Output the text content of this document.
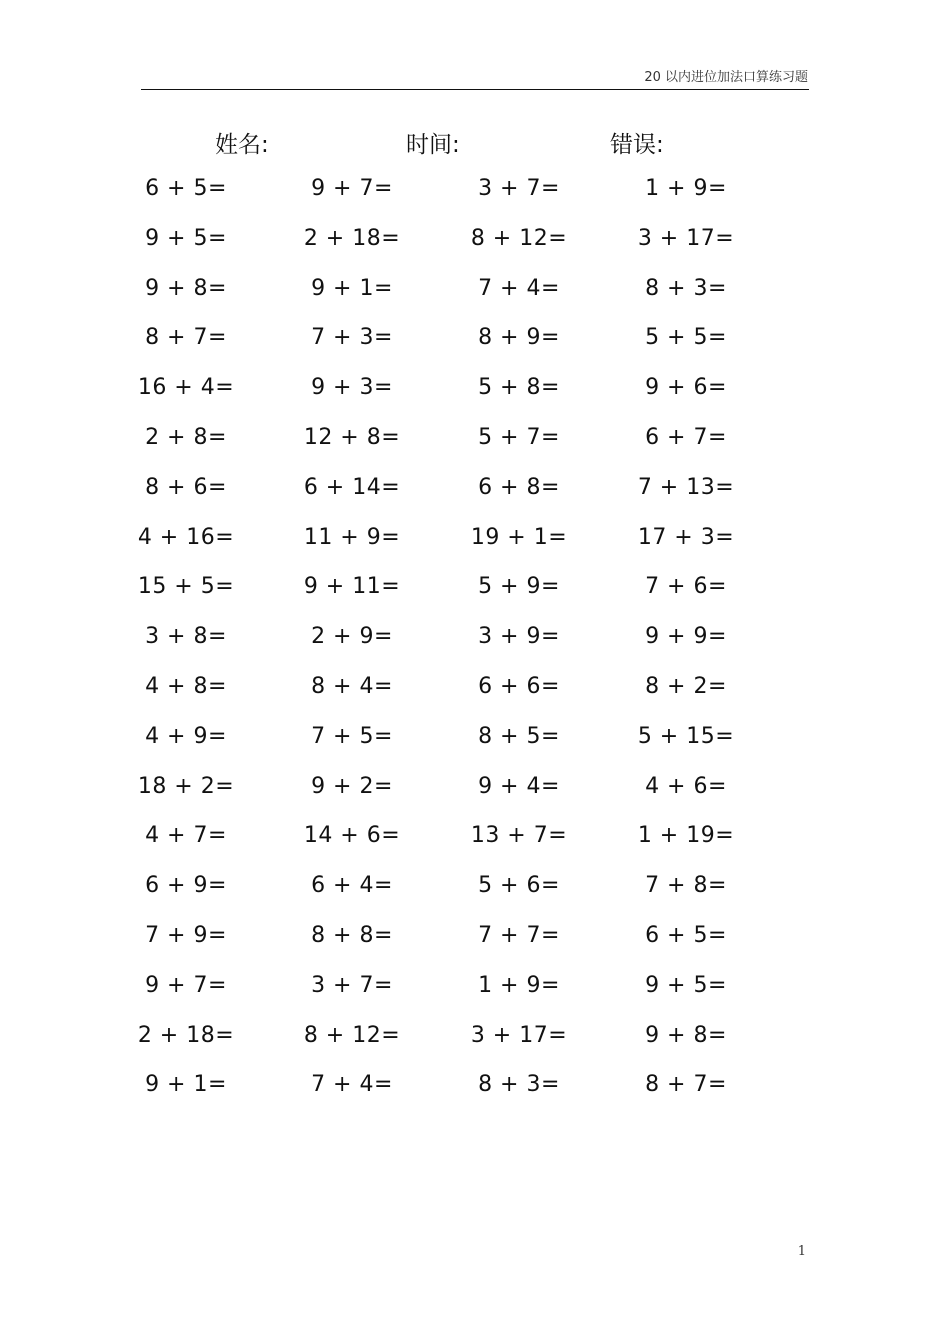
20 以内进位加法口算练习题
姓名:	时间:	错误:
6 + 5=	9 + 7=	3 + 7=	1 + 9=
9 + 5=	2 + 18=	8 + 12=	3 + 17=
9 + 8=	9 + 1=	7 + 4=	8 + 3=
8 + 7=	7 + 3=	8 + 9=	5 + 5=
16 + 4=	9 + 3=	5 + 8=	9 + 6=
2 + 8=	12 + 8=	5 + 7=	6 + 7=
8 + 6=	6 + 14=	6 + 8=	7 + 13=
4 + 16=	11 + 9=	19 + 1=	17 + 3=
15 + 5=	9 + 11=	5 + 9=	7 + 6=
3 + 8=	2 + 9=	3 + 9=	9 + 9=
4 + 8=	8 + 4=	6 + 6=	8 + 2=
4 + 9=	7 + 5=	8 + 5=	5 + 15=
18 + 2=	9 + 2=	9 + 4=	4 + 6=
4 + 7=	14 + 6=	13 + 7=	1 + 19=
6 + 9=	6 + 4=	5 + 6=	7 + 8=
7 + 9=	8 + 8=	7 + 7=	6 + 5=
9 + 7=	3 + 7=	1 + 9=	9 + 5=
2 + 18=	8 + 12=	3 + 17=	9 + 8=
9 + 1=	7 + 4=	8 + 3=	8 + 7=
1
